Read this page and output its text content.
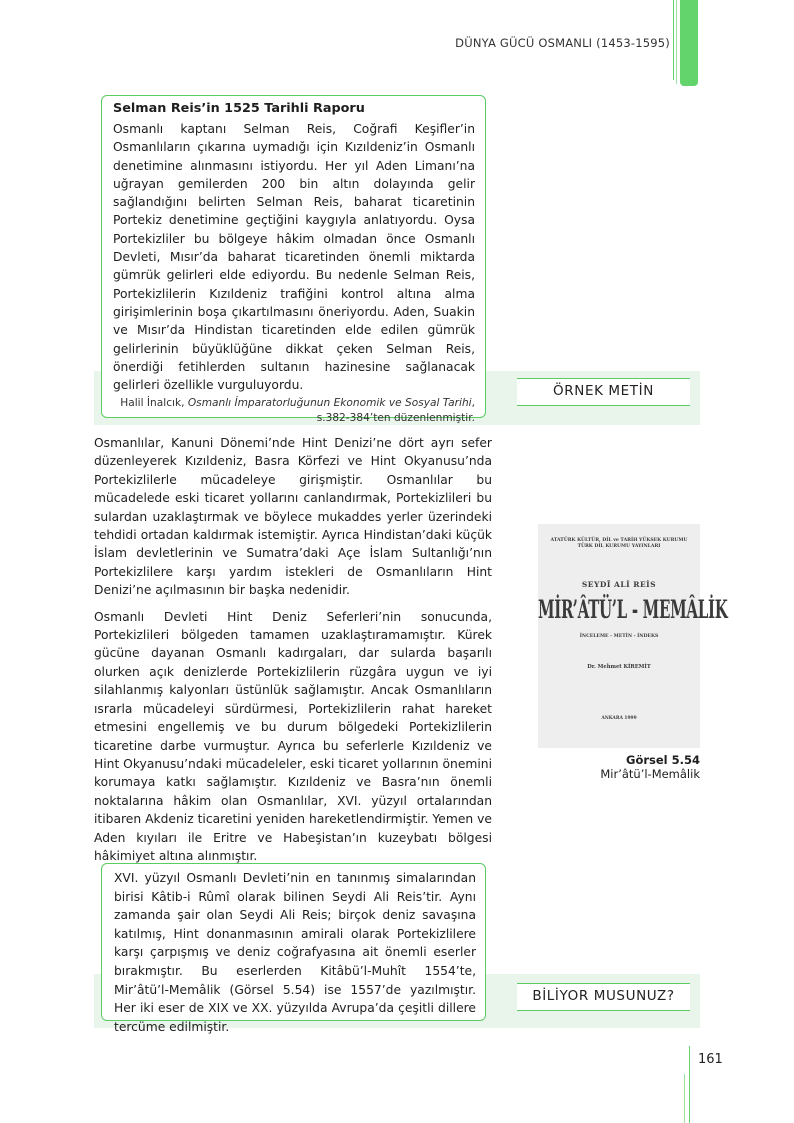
DÜNYA GÜCÜ OSMANLI (1453-1595)

Selman Reis’in 1525 Tarihli Raporu

Osmanlı kaptanı Selman Reis, Coğrafi Keşifler’in Osmanlıların çıkarına uymadığı için Kızıldeniz’in Osmanlı denetimine alınmasını istiyordu. Her yıl Aden Limanı’na uğrayan gemilerden 200 bin altın dolayında gelir sağlandığını belirten Selman Reis, baharat ticaretinin Portekiz denetimine geçtiğini kaygıyla anlatıyordu. Oysa Portekizliler bu bölgeye hâkim olmadan önce Osmanlı Devleti, Mısır’da baharat ticaretinden önemli miktarda gümrük gelirleri elde ediyordu. Bu nedenle Selman Reis, Portekizlilerin Kızıldeniz trafiğini kontrol altına alma girişimlerinin boşa çıkartılmasını öneriyordu. Aden, Suakin ve Mısır’da Hindistan ticaretinden elde edilen gümrük gelirlerinin büyüklüğüne dikkat çeken Selman Reis, önerdiği fetihlerden sultanın hazinesine sağlanacak gelirleri özellikle vurguluyordu.

Halil İnalcık, Osmanlı İmparatorluğunun Ekonomik ve Sosyal Tarihi, s.382-384’ten düzenlenmiştir.
ÖRNEK METİN

Osmanlılar, Kanuni Dönemi’nde Hint Denizi’ne dört ayrı sefer düzenleyerek Kızıldeniz, Basra Körfezi ve Hint Okyanusu’nda Portekizlilerle mücadeleye girişmiştir. Osmanlılar bu mücadelede eski ticaret yollarını canlandırmak, Portekizlileri bu sulardan uzaklaştırmak ve böylece mukaddes yerler üzerindeki tehdidi ortadan kaldırmak istemiştir. Ayrıca Hindistan’daki küçük İslam devletlerinin ve Sumatra’daki Açe İslam Sultanlığı’nın Portekizlilere karşı yardım istekleri de Osmanlıların Hint Denizi’ne açılmasının bir başka nedenidir.

Osmanlı Devleti Hint Deniz Seferleri’nin sonucunda, Portekizlileri bölgeden tamamen uzaklaştıramamıştır. Kürek gücüne dayanan Osmanlı kadırgaları, dar sularda başarılı olurken açık denizlerde Portekizlilerin rüzgâra uygun ve iyi silahlanmış kalyonları üstünlük sağlamıştır. Ancak Osmanlıların ısrarla mücadeleyi sürdürmesi, Portekizlilerin rahat hareket etmesini engellemiş ve bu durum bölgedeki Portekizlilerin ticaretine darbe vurmuştur. Ayrıca bu seferlerle Kızıldeniz ve Hint Okyanusu’ndaki mücadeleler, eski ticaret yollarının önemini korumaya katkı sağlamıştır. Kızıldeniz ve Basra’nın önemli noktalarına hâkim olan Osmanlılar, XVI. yüzyıl ortalarından itibaren Akdeniz ticaretini yeniden hareketlendirmiştir. Yemen ve Aden kıyıları ile Eritre ve Habeşistan’ın kuzeybatı bölgesi hâkimiyet altına alınmıştır.

ATATÜRK KÜLTÜR, DİL ve TARİH YÜKSEK KURUMU TÜRK DİL KURUMU YAYINLARI
SEYDÎ ALİ REİS
MİR’ÂTÜ’L - MEMÂLİK
İNCELEME - METİN - İNDEKS
Dr. Mehmet KİREMİT
ANKARA 1999
Görsel 5.54
Mir’âtü’l-Memâlik

XVI. yüzyıl Osmanlı Devleti’nin en tanınmış simalarından birisi Kâtib-i Rûmî olarak bilinen Seydi Ali Reis’tir. Aynı zamanda şair olan Seydi Ali Reis; birçok deniz savaşına katılmış, Hint donanmasının amirali olarak Portekizlilere karşı çarpışmış ve deniz coğrafyasına ait önemli eserler bırakmıştır. Bu eserlerden Kitâbü’l-Muhît 1554’te, Mir’âtü’l-Memâlik (Görsel 5.54) ise 1557’de yazılmıştır. Her iki eser de XIX ve XX. yüzyılda Avrupa’da çeşitli dillere tercüme edilmiştir.

BİLİYOR MUSUNUZ?
161
